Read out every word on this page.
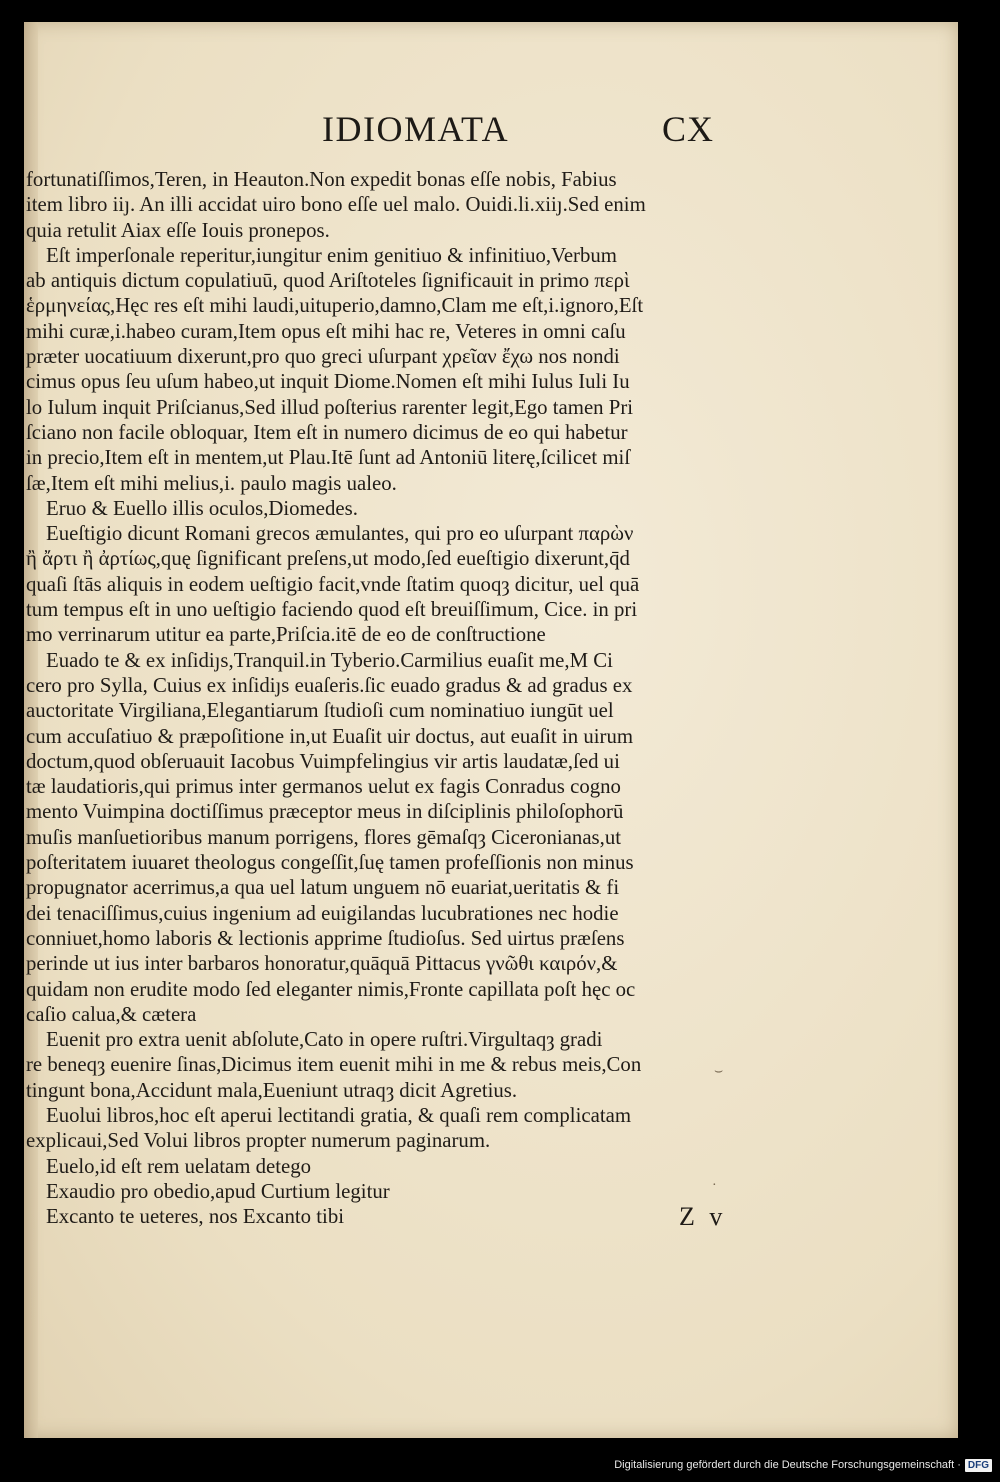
IDIOMATA	CX
fortunatiſſimos,Teren, in Heauton.Non expedit bonas eſſe nobis, Fabius
item libro iiȷ. An illi accidat uiro bono eſſe uel malo. Ouidi.li.xiiȷ.Sed enim
quia retulit Aiax eſſe Iouis pronepos.
Eſt imperſonale reperitur,iungitur enim genitiuo & infinitiuo,Verbum
ab antiquis dictum copulatiuū, quod Ariſtoteles ſignificauit in primo περὶ
ἑρμηνείας,Hęc res eſt mihi laudi,uituperio,damno,Clam me eſt,i.ignoro,Eſt
mihi curæ,i.habeo curam,Item opus eſt mihi hac re, Veteres in omni caſu
præter uocatiuum dixerunt,pro quo greci uſurpant χρεῖαν ἔχω nos nondi
cimus opus ſeu uſum habeo,ut inquit Diome.Nomen eſt mihi Iulus Iuli Iu
lo Iulum inquit Priſcianus,Sed illud poſterius rarenter legit,Ego tamen Pri
ſciano non facile obloquar, Item eſt in numero dicimus de eo qui habetur
in precio,Item eſt in mentem,ut Plau.Itē ſunt ad Antoniū literę,ſcilicet miſ
ſæ,Item eſt mihi melius,i. paulo magis ualeo.
Eruo & Euello illis oculos,Diomedes.
Eueſtigio dicunt Romani grecos æmulantes, qui pro eo uſurpant παρὼν
ἢ ἄρτι ἢ ἀρτίως,quę ſignificant preſens,ut modo,ſed eueſtigio dixerunt,q̄d
quaſi ſtās aliquis in eodem ueſtigio facit,vnde ſtatim quoqȝ dicitur, uel quā
tum tempus eſt in uno ueſtigio faciendo quod eſt breuiſſimum, Cice. in pri
mo verrinarum utitur ea parte,Priſcia.itē de eo de conſtructione
Euado te & ex inſidiȷs,Tranquil.in Tyberio.Carmilius euaſit me,M Ci
cero pro Sylla, Cuius ex inſidiȷs euaſeris.ſic euado gradus & ad gradus ex
auctoritate Virgiliana,Elegantiarum ſtudioſi cum nominatiuo iungūt uel
cum accuſatiuo & præpoſitione in,ut Euaſit uir doctus, aut euaſit in uirum
doctum,quod obſeruauit Iacobus Vuimpfelingius vir artis laudatæ,ſed ui
tæ laudatioris,qui primus inter germanos uelut ex fagis Conradus cogno
mento Vuimpina doctiſſimus præceptor meus in diſciplinis philoſophorū
muſis manſuetioribus manum porrigens, flores gēmaſqȝ Ciceronianas,ut
poſteritatem iuuaret theologus congeſſit,ſuę tamen profeſſionis non minus
propugnator acerrimus,a qua uel latum unguem nō euariat,ueritatis & fi
dei tenaciſſimus,cuius ingenium ad euigilandas lucubrationes nec hodie
conniuet,homo laboris & lectionis apprime ſtudioſus. Sed uirtus præſens
perinde ut ius inter barbaros honoratur,quāquā Pittacus γνῶθι καιρόν,&
quidam non erudite modo ſed eleganter nimis,Fronte capillata poſt hęc oc
caſio calua,& cætera
Euenit pro extra uenit abſolute,Cato in opere ruſtri.Virgultaqȝ gradi
re beneqȝ euenire ſinas,Dicimus item euenit mihi in me & rebus meis,Con
tingunt bona,Accidunt mala,Eueniunt utraqȝ dicit Agretius.
Euolui libros,hoc eſt aperui lectitandi gratia, & quaſi rem complicatam
explicaui,Sed Volui libros propter numerum paginarum.
Euelo,id eſt rem uelatam detego
Exaudio pro obedio,apud Curtium legitur
Excanto te ueteres, nos Excanto tibi	Z v
⌣
·
Digitalisierung gefördert durch die Deutsche Forschungsgemeinschaft · DFG
